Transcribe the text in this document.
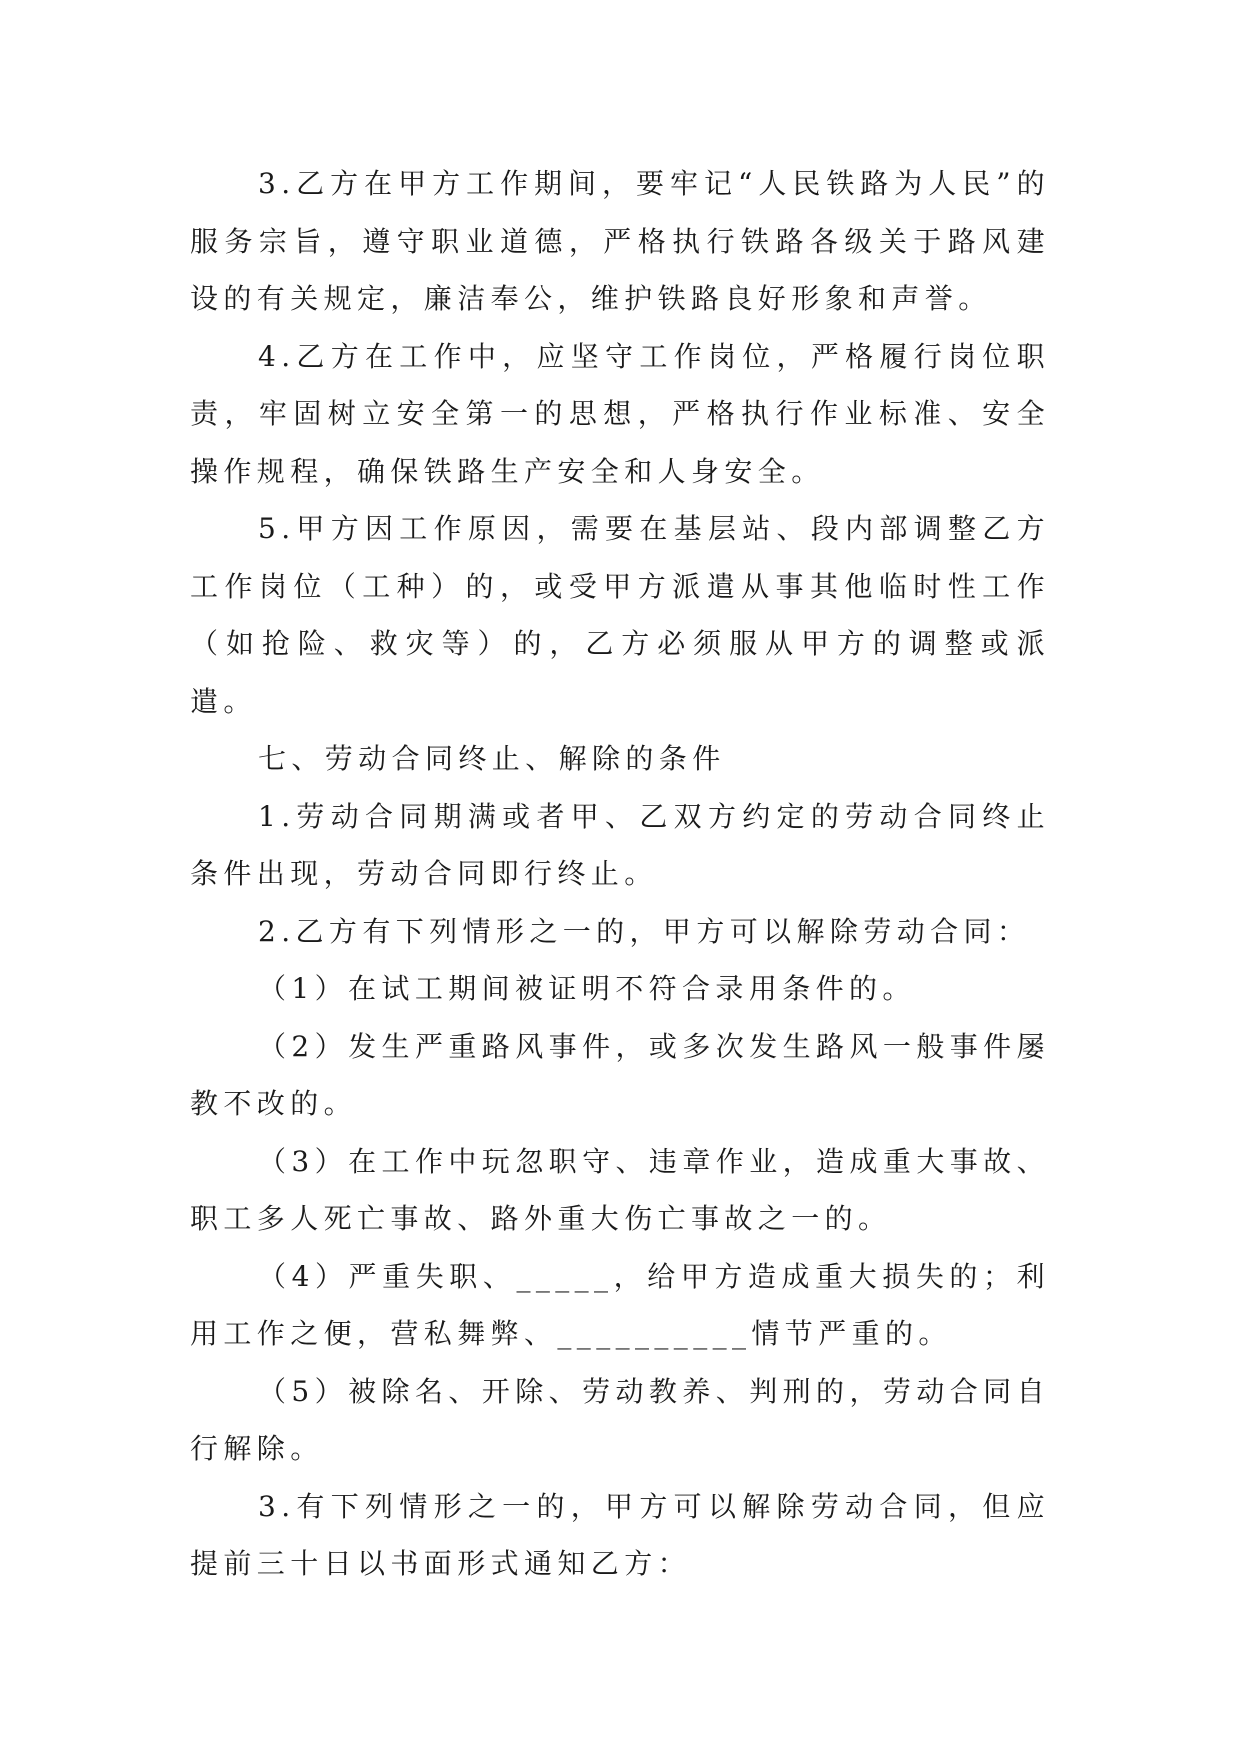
3.乙方在甲方工作期间，要牢记“人民铁路为人民”的服务宗旨，遵守职业道德，严格执行铁路各级关于路风建设的有关规定，廉洁奉公，维护铁路良好形象和声誉。

4.乙方在工作中，应坚守工作岗位，严格履行岗位职责，牢固树立安全第一的思想，严格执行作业标准、安全操作规程，确保铁路生产安全和人身安全。

5.甲方因工作原因，需要在基层站、段内部调整乙方工作岗位（工种）的，或受甲方派遣从事其他临时性工作（如抢险、救灾等）的，乙方必须服从甲方的调整或派遣。

七、劳动合同终止、解除的条件

1.劳动合同期满或者甲、乙双方约定的劳动合同终止条件出现，劳动合同即行终止。

2.乙方有下列情形之一的，甲方可以解除劳动合同：

（1）在试工期间被证明不符合录用条件的。

（2）发生严重路风事件，或多次发生路风一般事件屡教不改的。

（3）在工作中玩忽职守、违章作业，造成重大事故、职工多人死亡事故、路外重大伤亡事故之一的。

（4）严重失职、_____，给甲方造成重大损失的；利用工作之便，营私舞弊、__________情节严重的。

（5）被除名、开除、劳动教养、判刑的，劳动合同自行解除。

3.有下列情形之一的，甲方可以解除劳动合同，但应提前三十日以书面形式通知乙方：
